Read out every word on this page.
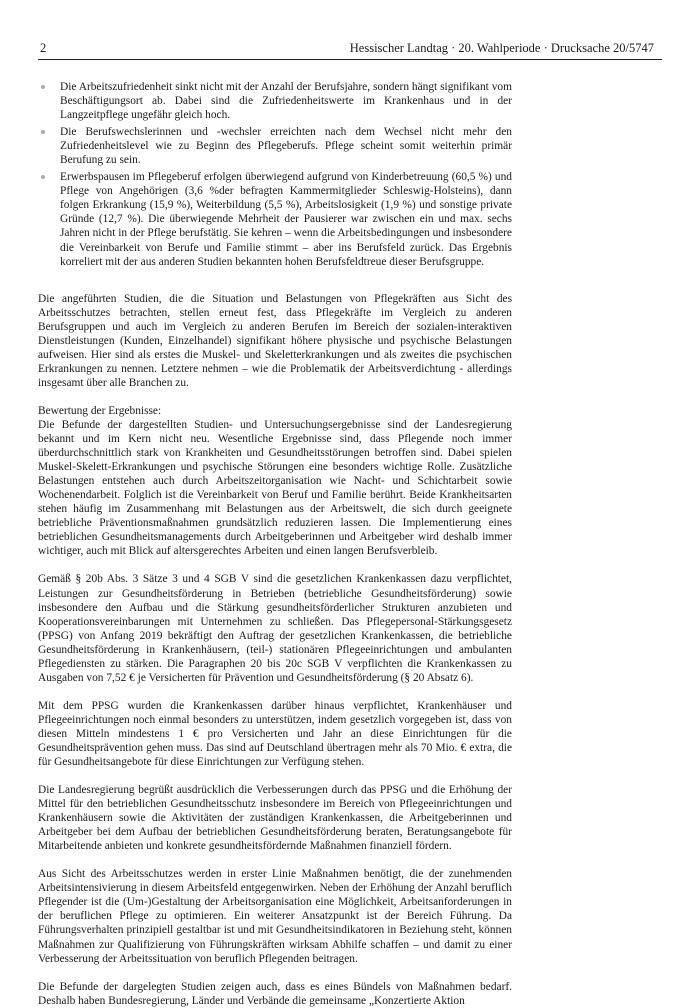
2	Hessischer Landtag · 20. Wahlperiode · Drucksache 20/5747
Die Arbeitszufriedenheit sinkt nicht mit der Anzahl der Berufsjahre, sondern hängt signifikant vom Beschäftigungsort ab. Dabei sind die Zufriedenheitswerte im Krankenhaus und in der Langzeitpflege ungefähr gleich hoch.
Die Berufswechslerinnen und -wechsler erreichten nach dem Wechsel nicht mehr den Zufriedenheitslevel wie zu Beginn des Pflegeberufs. Pflege scheint somit weiterhin primär Berufung zu sein.
Erwerbspausen im Pflegeberuf erfolgen überwiegend aufgrund von Kinderbetreuung (60,5 %) und Pflege von Angehörigen (3,6 %der befragten Kammermitglieder Schleswig-Holsteins), dann folgen Erkrankung (15,9 %), Weiterbildung (5,5 %), Arbeitslosigkeit (1,9 %) und sonstige private Gründe (12,7 %). Die überwiegende Mehrheit der Pausierer war zwischen ein und max. sechs Jahren nicht in der Pflege berufstätig. Sie kehren – wenn die Arbeitsbedingungen und insbesondere die Vereinbarkeit von Berufe und Familie stimmt – aber ins Berufsfeld zurück. Das Ergebnis korreliert mit der aus anderen Studien bekannten hohen Berufsfeldtreue dieser Berufsgruppe.

Die angeführten Studien, die die Situation und Belastungen von Pflegekräften aus Sicht des Arbeitsschutzes betrachten, stellen erneut fest, dass Pflegekräfte im Vergleich zu anderen Berufsgruppen und auch im Vergleich zu anderen Berufen im Bereich der sozialen-interaktiven Dienstleistungen (Kunden, Einzelhandel) signifikant höhere physische und psychische Belastungen aufweisen. Hier sind als erstes die Muskel- und Skeletterkrankungen und als zweites die psychischen Erkrankungen zu nennen. Letztere nehmen – wie die Problematik der Arbeitsverdichtung - allerdings insgesamt über alle Branchen zu.

Bewertung der Ergebnisse:

Die Befunde der dargestellten Studien- und Untersuchungsergebnisse sind der Landesregierung bekannt und im Kern nicht neu. Wesentliche Ergebnisse sind, dass Pflegende noch immer überdurchschnittlich stark von Krankheiten und Gesundheitsstörungen betroffen sind. Dabei spielen Muskel-Skelett-Erkrankungen und psychische Störungen eine besonders wichtige Rolle. Zusätzliche Belastungen entstehen auch durch Arbeitszeitorganisation wie Nacht- und Schichtarbeit sowie Wochenendarbeit. Folglich ist die Vereinbarkeit von Beruf und Familie berührt. Beide Krankheitsarten stehen häufig im Zusammenhang mit Belastungen aus der Arbeitswelt, die sich durch geeignete betriebliche Präventionsmaßnahmen grundsätzlich reduzieren lassen. Die Implementierung eines betrieblichen Gesundheitsmanagements durch Arbeitgeberinnen und Arbeitgeber wird deshalb immer wichtiger, auch mit Blick auf altersgerechtes Arbeiten und einen langen Berufsverbleib.

Gemäß § 20b Abs. 3 Sätze 3 und 4 SGB V sind die gesetzlichen Krankenkassen dazu verpflichtet, Leistungen zur Gesundheitsförderung in Betrieben (betriebliche Gesundheitsförderung) sowie insbesondere den Aufbau und die Stärkung gesundheitsförderlicher Strukturen anzubieten und Kooperationsvereinbarungen mit Unternehmen zu schließen. Das Pflegepersonal-Stärkungsgesetz (PPSG) von Anfang 2019 bekräftigt den Auftrag der gesetzlichen Krankenkassen, die betriebliche Gesundheitsförderung in Krankenhäusern, (teil-) stationären Pflegeeinrichtungen und ambulanten Pflegediensten zu stärken. Die Paragraphen 20 bis 20c SGB V verpflichten die Krankenkassen zu Ausgaben von 7,52 € je Versicherten für Prävention und Gesundheitsförderung (§ 20 Absatz 6).

Mit dem PPSG wurden die Krankenkassen darüber hinaus verpflichtet, Krankenhäuser und Pflegeeinrichtungen noch einmal besonders zu unterstützen, indem gesetzlich vorgegeben ist, dass von diesen Mitteln mindestens 1 € pro Versicherten und Jahr an diese Einrichtungen für die Gesundheitsprävention gehen muss. Das sind auf Deutschland übertragen mehr als 70 Mio. € extra, die für Gesundheitsangebote für diese Einrichtungen zur Verfügung stehen.

Die Landesregierung begrüßt ausdrücklich die Verbesserungen durch das PPSG und die Erhöhung der Mittel für den betrieblichen Gesundheitsschutz insbesondere im Bereich von Pflegeeinrichtungen und Krankenhäusern sowie die Aktivitäten der zuständigen Krankenkassen, die Arbeitgeberinnen und Arbeitgeber bei dem Aufbau der betrieblichen Gesundheitsförderung beraten, Beratungsangebote für Mitarbeitende anbieten und konkrete gesundheitsfördernde Maßnahmen finanziell fördern.

Aus Sicht des Arbeitsschutzes werden in erster Linie Maßnahmen benötigt, die der zunehmenden Arbeitsintensivierung in diesem Arbeitsfeld entgegenwirken. Neben der Erhöhung der Anzahl beruflich Pflegender ist die (Um-)Gestaltung der Arbeitsorganisation eine Möglichkeit, Arbeitsanforderungen in der beruflichen Pflege zu optimieren. Ein weiterer Ansatzpunkt ist der Bereich Führung. Da Führungsverhalten prinzipiell gestaltbar ist und mit Gesundheitsindikatoren in Beziehung steht, können Maßnahmen zur Qualifizierung von Führungskräften wirksam Abhilfe schaffen – und damit zu einer Verbesserung der Arbeitssituation von beruflich Pflegenden beitragen.

Die Befunde der dargelegten Studien zeigen auch, dass es eines Bündels von Maßnahmen bedarf. Deshalb haben Bundesregierung, Länder und Verbände die gemeinsame „Konzertierte Aktion
